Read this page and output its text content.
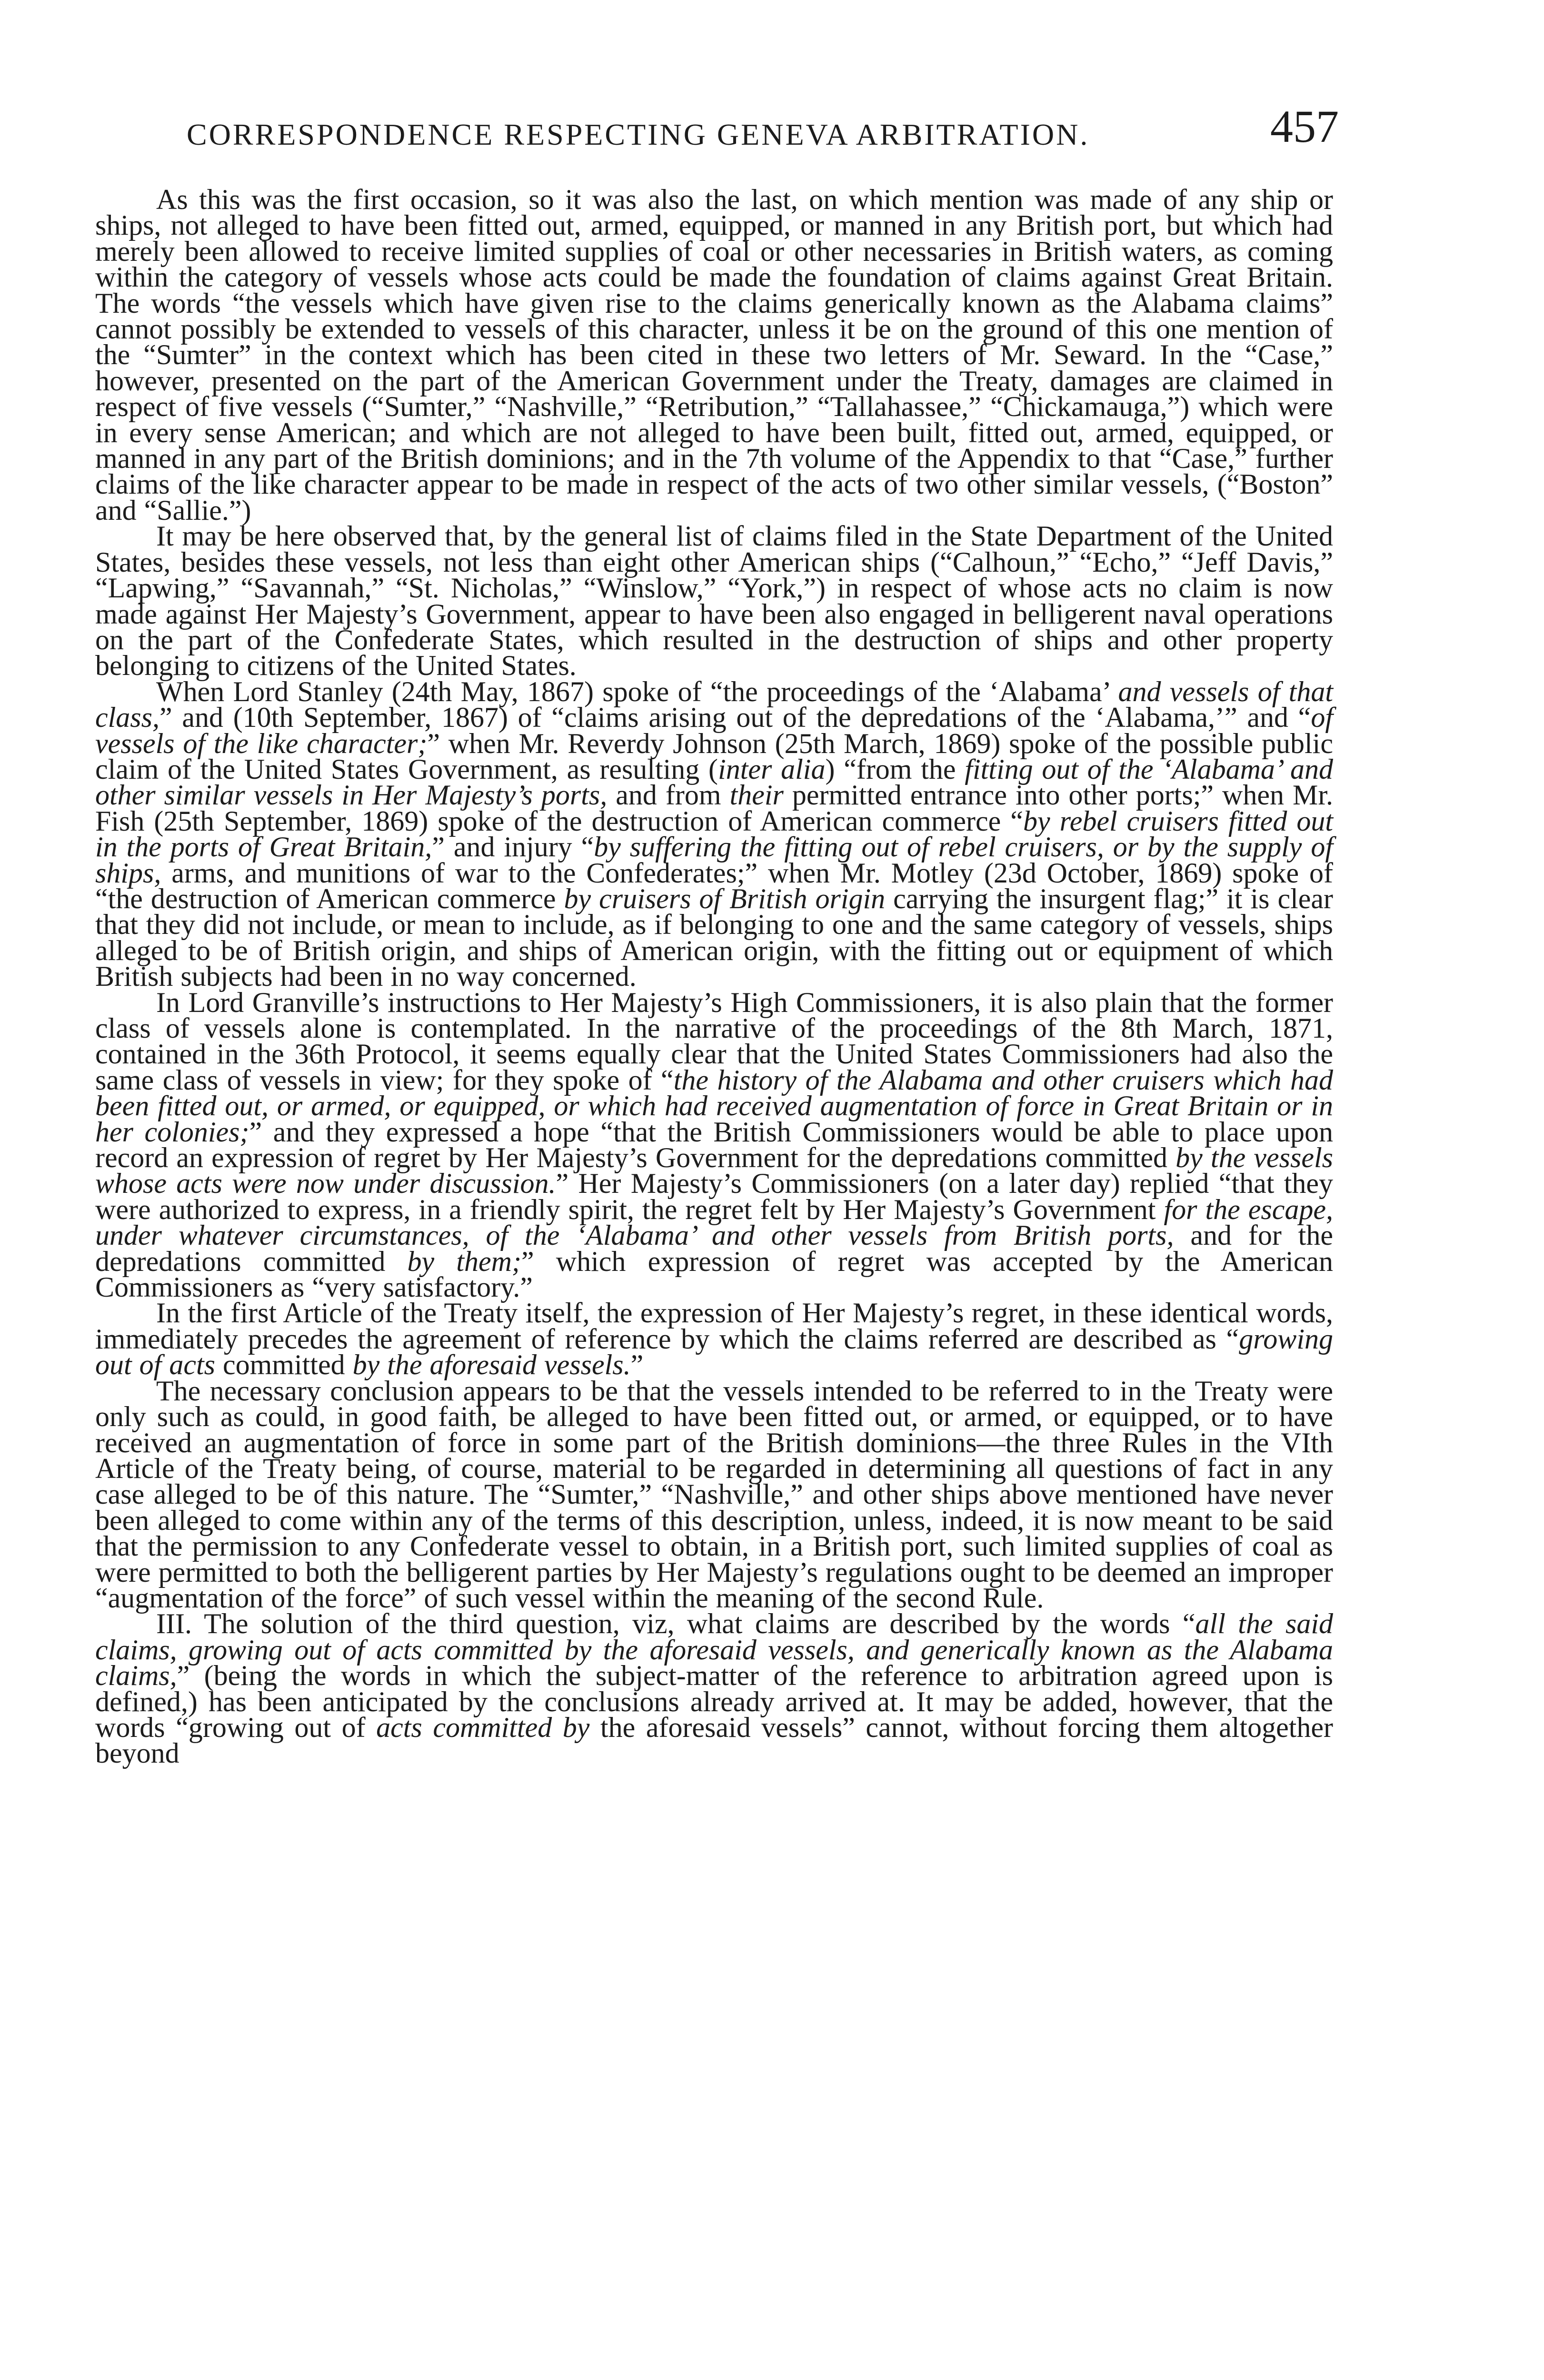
CORRESPONDENCE RESPECTING GENEVA ARBITRATION.	457

As this was the first occasion, so it was also the last, on which mention was made of any ship or ships, not alleged to have been fitted out, armed, equipped, or manned in any British port, but which had merely been allowed to receive limited supplies of coal or other necessaries in British waters, as coming within the category of vessels whose acts could be made the foundation of claims against Great Britain. The words “the vessels which have given rise to the claims generically known as the Alabama claims” cannot possibly be extended to vessels of this character, unless it be on the ground of this one mention of the “Sumter” in the context which has been cited in these two letters of Mr. Seward. In the “Case,” however, presented on the part of the American Government under the Treaty, damages are claimed in respect of five vessels (“Sumter,” “Nashville,” “Retribution,” “Tallahassee,” “Chickamauga,”) which were in every sense American; and which are not alleged to have been built, fitted out, armed, equipped, or manned in any part of the British dominions; and in the 7th volume of the Appendix to that “Case,” further claims of the like character appear to be made in respect of the acts of two other similar vessels, (“Boston” and “Sallie.”)

It may be here observed that, by the general list of claims filed in the State Department of the United States, besides these vessels, not less than eight other American ships (“Calhoun,” “Echo,” “Jeff Davis,” “Lapwing,” “Savannah,” “St. Nicholas,” “Winslow,” “York,”) in respect of whose acts no claim is now made against Her Majesty’s Government, appear to have been also engaged in belligerent naval operations on the part of the Confederate States, which resulted in the destruction of ships and other property belonging to citizens of the United States.

When Lord Stanley (24th May, 1867) spoke of “the proceedings of the ‘Alabama’ and vessels of that class,” and (10th September, 1867) of “claims arising out of the depredations of the ‘Alabama,’” and “of vessels of the like character;” when Mr. Reverdy Johnson (25th March, 1869) spoke of the possible public claim of the United States Government, as resulting (inter alia) “from the fitting out of the ‘Alabama’ and other similar vessels in Her Majesty’s ports, and from their permitted entrance into other ports;” when Mr. Fish (25th September, 1869) spoke of the destruction of American commerce “by rebel cruisers fitted out in the ports of Great Britain,” and injury “by suffering the fitting out of rebel cruisers, or by the supply of ships, arms, and munitions of war to the Confederates;” when Mr. Motley (23d October, 1869) spoke of “the destruction of American commerce by cruisers of British origin carrying the insurgent flag;” it is clear that they did not include, or mean to include, as if belonging to one and the same category of vessels, ships alleged to be of British origin, and ships of American origin, with the fitting out or equipment of which British subjects had been in no way concerned.

In Lord Granville’s instructions to Her Majesty’s High Commissioners, it is also plain that the former class of vessels alone is contemplated. In the narrative of the proceedings of the 8th March, 1871, contained in the 36th Protocol, it seems equally clear that the United States Commissioners had also the same class of vessels in view; for they spoke of “the history of the Alabama and other cruisers which had been fitted out, or armed, or equipped, or which had received augmentation of force in Great Britain or in her colonies;” and they expressed a hope “that the British Commissioners would be able to place upon record an expression of regret by Her Majesty’s Government for the depredations committed by the vessels whose acts were now under discussion.” Her Majesty’s Commissioners (on a later day) replied “that they were authorized to express, in a friendly spirit, the regret felt by Her Majesty’s Government for the escape, under whatever circumstances, of the ‘Alabama’ and other vessels from British ports, and for the depredations committed by them;” which expression of regret was accepted by the American Commissioners as “very satisfactory.”

In the first Article of the Treaty itself, the expression of Her Majesty’s regret, in these identical words, immediately precedes the agreement of reference by which the claims referred are described as “growing out of acts committed by the aforesaid vessels.”

The necessary conclusion appears to be that the vessels intended to be referred to in the Treaty were only such as could, in good faith, be alleged to have been fitted out, or armed, or equipped, or to have received an augmentation of force in some part of the British dominions—the three Rules in the VIth Article of the Treaty being, of course, material to be regarded in determining all questions of fact in any case alleged to be of this nature. The “Sumter,” “Nashville,” and other ships above mentioned have never been alleged to come within any of the terms of this description, unless, indeed, it is now meant to be said that the permission to any Confederate vessel to obtain, in a British port, such limited supplies of coal as were permitted to both the belligerent parties by Her Majesty’s regulations ought to be deemed an improper “augmentation of the force” of such vessel within the meaning of the second Rule.

III. The solution of the third question, viz, what claims are described by the words “all the said claims, growing out of acts committed by the aforesaid vessels, and generically known as the Alabama claims,” (being the words in which the subject-matter of the reference to arbitration agreed upon is defined,) has been anticipated by the conclusions already arrived at. It may be added, however, that the words “growing out of acts committed by the aforesaid vessels” cannot, without forcing them altogether beyond
